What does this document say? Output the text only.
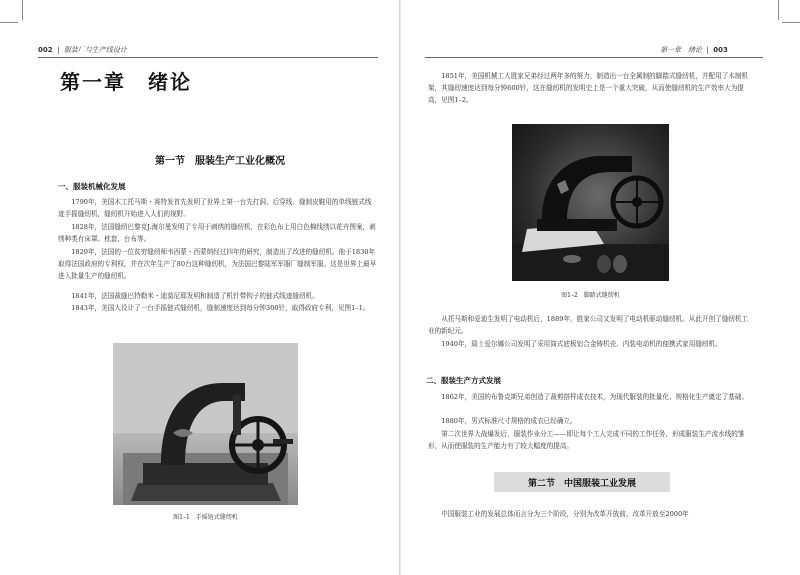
002  |  服装厂与生产线设计
第一章　绪论
第一节　服装生产工业化概况
一、服装机械化发展

1790年，美国木工托马斯・赛特发首先发明了世界上第一台先打洞、后穿线、缝制皮鞋用的单线链式线迹手摇缝纫机，缝纫机开始进入人们的视野。

1828年，法国缝纫巴黎克J.海尔曼发明了专用于刺绣的缝纫机，在彩色布上用白色棉线绣以花卉图案，刺绣种类有床罩、枕套、台布等。

1829年，法国的一位贫穷缝纫师韦西蒙・西蒙纳经过四年的研究，制造出了改进的缝纫机。他于1830年取得法国政府的专利权，并在次年生产了80台这种缝纫机，为法国巴黎陆军军服厂缝制军服。这是世界上最早进入批量生产的缝纫机。

1841年，法国裁缝巴特勒米・迪莫尼耶发明和制造了机针带钩子的链式线迹缝纫机。

1843年，美国人设计了一台手摇链式缝纫机，缝制速度达到每分钟300针，取得政府专利，见图1–1。

图1–1　手摇链式缝纫机
第一章　绪论  |  003

1851年，美国机械工人胜家兄弟经过两年多的努力，制造出一台全属制的脚踏式缝纫机，并配用了木制机架，其缝纫速度达到每分钟600针，这在缝纫机的发明史上是一个重大突破，从而使缝纫机的生产效率大为提高，见图1–2。

图1–2　脚踏式缝纫机

从托马斯和爱迪生发明了电动机后，1889年，胜家公司又发明了电动机驱动缝纫机。从此开创了缝纫机工业的新纪元。

1940年，瑞士爱尔娜公司发明了采用筒式底板铝合金铸机壳、内装电动机的便携式家用缝纫机。

二、服装生产方式发展

1862年，美国的布鲁克斯兄弟创造了裁剪搭样成衣技术，为现代服装的批量化、规格化生产奠定了基础。

1880年，男式标准尺寸规格的成衣已经确立。

第二次世界大战爆发后，服装作业分工——即让每个工人完成不同的工作任务，形成服装生产流水线的雏形，从而使服装的生产能力有了较大幅度的提高。

第二节　中国服装工业发展

中国服装工业的发展总体而言分为三个阶段，分别为改革开放前、改革开放至2000年
